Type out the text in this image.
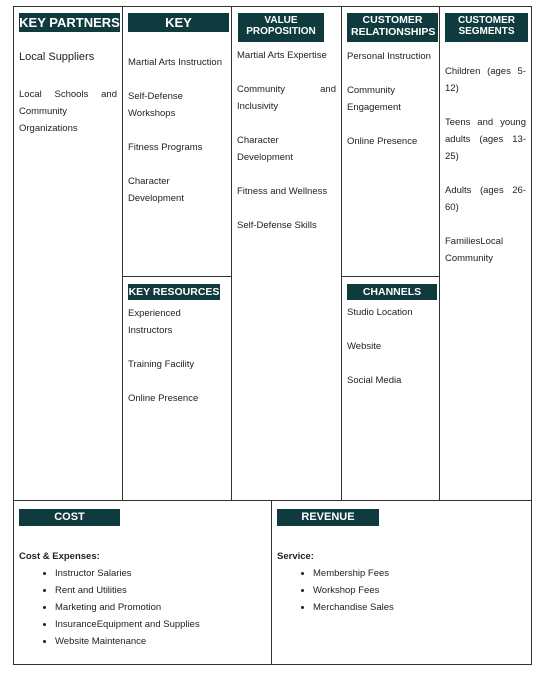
KEY PARTNERS	KEY ACTIVITIES
VALUE PROPOSITION
CUSTOMER RELATIONSHIPS
CUSTOMER SEGMENTS
KEY RESOURCES	CHANNELS
COST STRUCTURE
REVENUE

Local Suppliers

Local Schools and Community Organizations

Martial Arts Instruction

Self-Defense Workshops

Fitness Programs

Character Development

Experienced Instructors

Training Facility

Online Presence

Martial Arts Expertise

Community and Inclusivity

Character Development

Fitness and Wellness

Self-Defense Skills

Personal Instruction

Community Engagement

Online Presence

Studio Location

Website

Social Media

Children (ages 5-12)

Teens and young adults (ages 13-25)

Adults (ages 26-60)

FamiliesLocal Community

Cost & Expenses:
• Instructor Salaries
• Rent and Utilities
• Marketing and Promotion
• InsuranceEquipment and Supplies
• Website Maintenance
Service:
• Membership Fees
• Workshop Fees
• Merchandise Sales
